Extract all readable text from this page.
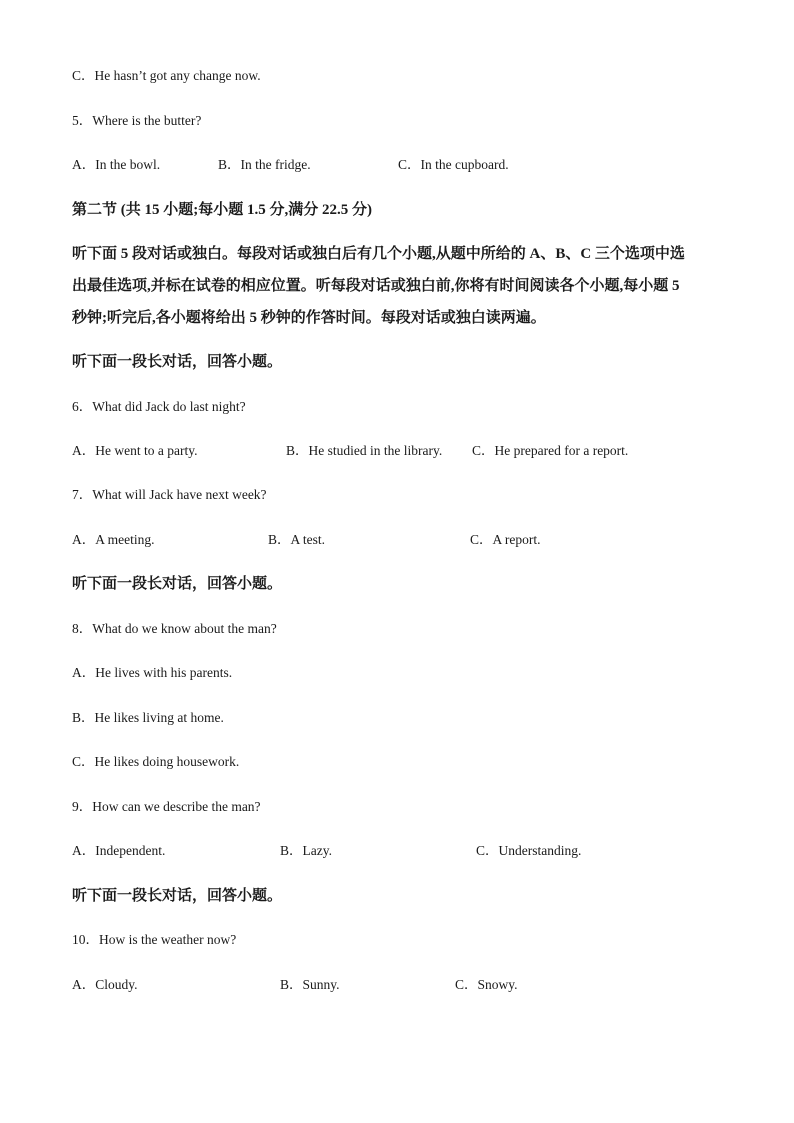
C．He hasn’t got any change now.
5．Where is the butter?
A．In the bowl.	B．In the fridge.	C．In the cupboard.
第二节 (共 15 小题;每小题 1.5 分,满分 22.5 分)
听下面 5 段对话或独白。每段对话或独白后有几个小题,从题中所给的 A、B、C 三个选项中选
出最佳选项,并标在试卷的相应位置。听每段对话或独白前,你将有时间阅读各个小题,每小题 5
秒钟;听完后,各小题将给出 5 秒钟的作答时间。每段对话或独白读两遍。
听下面一段长对话，回答小题。
6．What did Jack do last night?
A．He went to a party.	B．He studied in the library. C．He prepared for a report.
7．What will Jack have next week?
A．A meeting.	B．A test.	C．A report.
听下面一段长对话，回答小题。
8．What do we know about the man?
A．He lives with his parents.
B．He likes living at home.
C．He likes doing housework.
9．How can we describe the man?
A．Independent.	B．Lazy.	C．Understanding.
听下面一段长对话，回答小题。
10．How is the weather now?
A．Cloudy.	B．Sunny.	C．Snowy.
